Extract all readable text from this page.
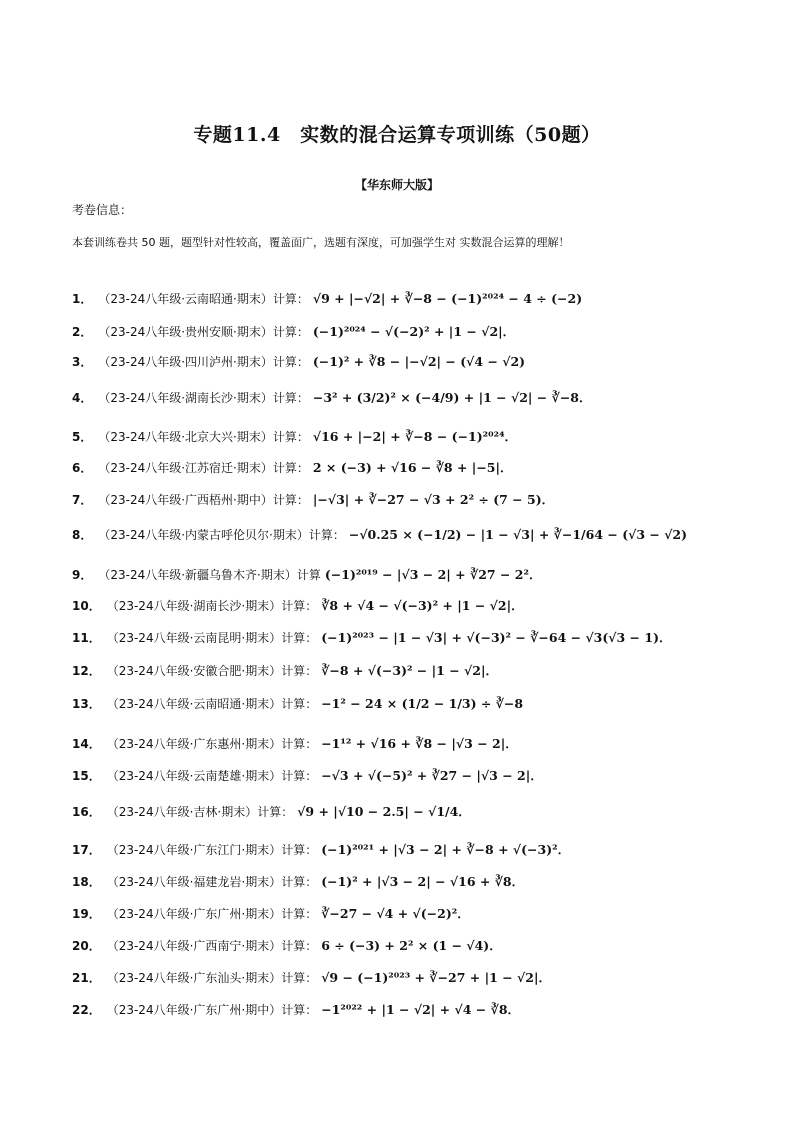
专题11.4　实数的混合运算专项训练（50题）
【华东师大版】
考卷信息：
本套训练卷共 50 题，题型针对性较高，覆盖面广，选题有深度，可加强学生对 实数混合运算的理解！
1． （23-24八年级·云南昭通·期末）计算： √9 + |−√2| + ∛−8 − (−1)²⁰²⁴ − 4 ÷ (−2)
2． （23-24八年级·贵州安顺·期末）计算： (−1)²⁰²⁴ − √(−2)² + |1 − √2|．
3． （23-24八年级·四川泸州·期末）计算： (−1)² + ∛8 − |−√2| − (√4 − √2)
4． （23-24八年级·湖南长沙·期末）计算： −3² + (3/2)² × (−4/9) + |1 − √2| − ∛−8．
5． （23-24八年级·北京大兴·期末）计算： √16 + |−2| + ∛−8 − (−1)²⁰²⁴．
6． （23-24八年级·江苏宿迁·期末）计算： 2 × (−3) + √16 − ∛8 + |−5|．
7． （23-24八年级·广西梧州·期中）计算： |−√3| + ∛−27 − √3 + 2² ÷ (7 − 5)．
8． （23-24八年级·内蒙古呼伦贝尔·期末）计算： −√0.25 × (−1/2) − |1 − √3| + ∛−1/64 − (√3 − √2)
9． （23-24八年级·新疆乌鲁木齐·期末）计算 (−1)²⁰¹⁹ − |√3 − 2| + ∛27 − 2²．
10． （23-24八年级·湖南长沙·期末）计算： ∛8 + √4 − √(−3)² + |1 − √2|．
11． （23-24八年级·云南昆明·期末）计算： (−1)²⁰²³ − |1 − √3| + √(−3)² − ∛−64 − √3(√3 − 1)．
12． （23-24八年级·安徽合肥·期末）计算： ∛−8 + √(−3)² − |1 − √2|．
13． （23-24八年级·云南昭通·期末）计算： −1² − 24 × (1/2 − 1/3) ÷ ∛−8
14． （23-24八年级·广东惠州·期末）计算： −1¹² + √16 + ∛8 − |√3 − 2|．
15． （23-24八年级·云南楚雄·期末）计算： −√3 + √(−5)² + ∛27 − |√3 − 2|．
16． （23-24八年级·吉林·期末）计算： √9 + |√10 − 2.5| − √1/4．
17． （23-24八年级·广东江门·期末）计算： (−1)²⁰²¹ + |√3 − 2| + ∛−8 + √(−3)²．
18． （23-24八年级·福建龙岩·期末）计算： (−1)² + |√3 − 2| − √16 + ∛8．
19． （23-24八年级·广东广州·期末）计算： ∛−27 − √4 + √(−2)²．
20． （23-24八年级·广西南宁·期末）计算： 6 ÷ (−3) + 2² × (1 − √4)．
21． （23-24八年级·广东汕头·期末）计算： √9 − (−1)²⁰²³ + ∛−27 + |1 − √2|．
22． （23-24八年级·广东广州·期中）计算： −1²⁰²² + |1 − √2| + √4 − ∛8．
